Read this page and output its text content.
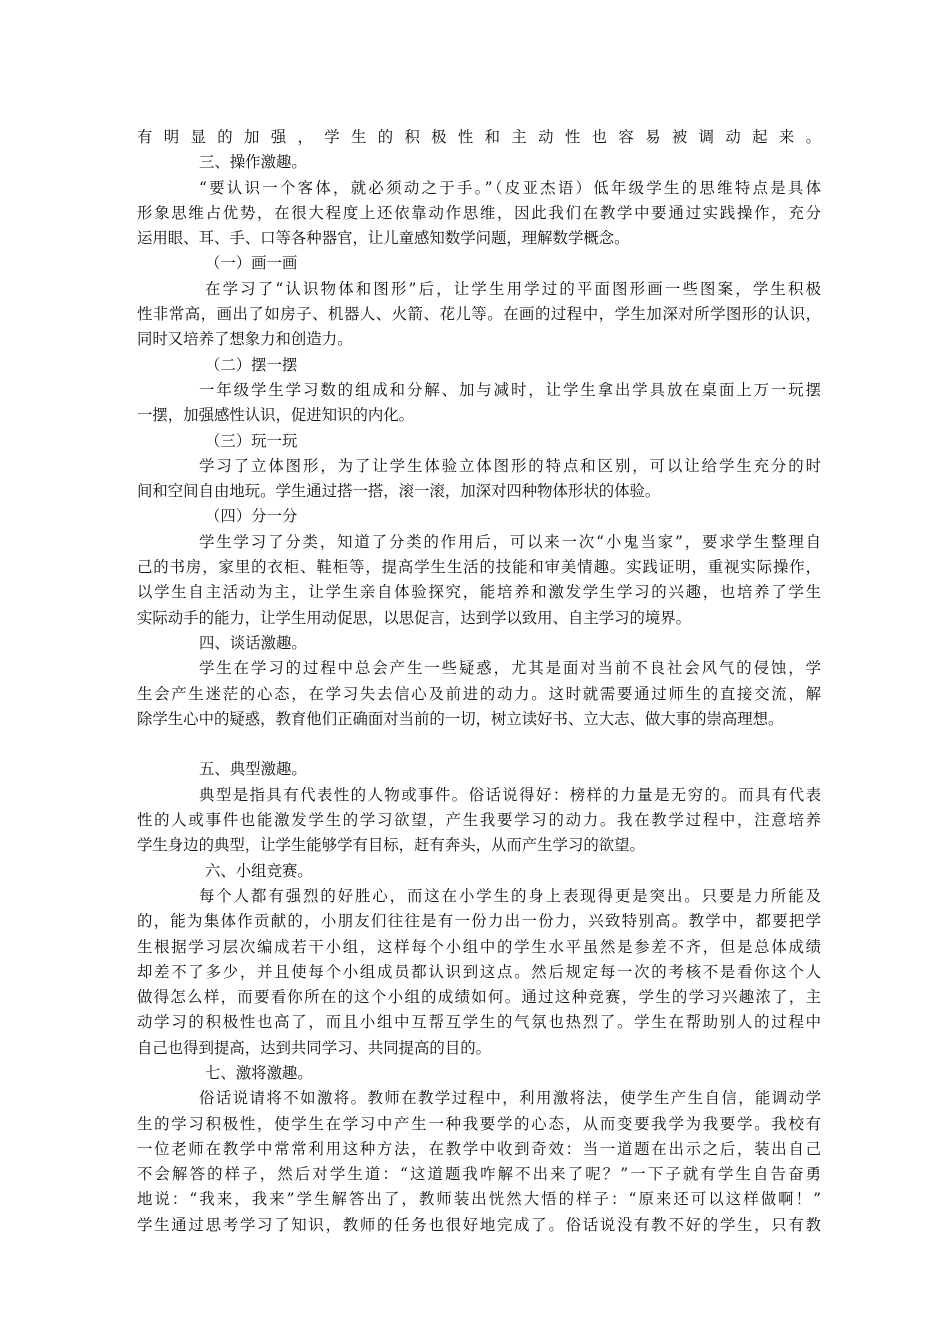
有明显的加强，学生的积极性和主动性也容易被调动起来。
三、操作激趣。
“要认识一个客体，就必须动之于手。”（皮亚杰语）低年级学生的思维特点是具体
形象思维占优势，在很大程度上还依靠动作思维，因此我们在教学中要通过实践操作，充分
运用眼、耳、手、口等各种器官，让儿童感知数学问题，理解数学概念。
（一）画一画
在学习了“认识物体和图形”后，让学生用学过的平面图形画一些图案，学生积极
性非常高，画出了如房子、机器人、火箭、花儿等。在画的过程中，学生加深对所学图形的认识，
同时又培养了想象力和创造力。
（二）摆一摆
一年级学生学习数的组成和分解、加与减时，让学生拿出学具放在桌面上万一玩摆
一摆，加强感性认识，促进知识的内化。
（三）玩一玩
学习了立体图形，为了让学生体验立体图形的特点和区别，可以让给学生充分的时
间和空间自由地玩。学生通过搭一搭，滚一滚，加深对四种物体形状的体验。
（四）分一分
学生学习了分类，知道了分类的作用后，可以来一次“小鬼当家”，要求学生整理自
己的书房，家里的衣柜、鞋柜等，提高学生生活的技能和审美情趣。实践证明，重视实际操作，
以学生自主活动为主，让学生亲自体验探究，能培养和激发学生学习的兴趣，也培养了学生
实际动手的能力，让学生用动促思，以思促言，达到学以致用、自主学习的境界。
四、谈话激趣。
学生在学习的过程中总会产生一些疑惑，尤其是面对当前不良社会风气的侵蚀，学
生会产生迷茫的心态，在学习失去信心及前进的动力。这时就需要通过师生的直接交流，解
除学生心中的疑惑，教育他们正确面对当前的一切，树立读好书、立大志、做大事的崇高理想。
五、典型激趣。
典型是指具有代表性的人物或事件。俗话说得好：榜样的力量是无穷的。而具有代表
性的人或事件也能激发学生的学习欲望，产生我要学习的动力。我在教学过程中，注意培养
学生身边的典型，让学生能够学有目标，赶有奔头，从而产生学习的欲望。
六、小组竞赛。
每个人都有强烈的好胜心，而这在小学生的身上表现得更是突出。只要是力所能及
的，能为集体作贡献的，小朋友们往往是有一份力出一份力，兴致特别高。教学中，都要把学
生根据学习层次编成若干小组，这样每个小组中的学生水平虽然是参差不齐，但是总体成绩
却差不了多少，并且使每个小组成员都认识到这点。然后规定每一次的考核不是看你这个人
做得怎么样，而要看你所在的这个小组的成绩如何。通过这种竞赛，学生的学习兴趣浓了，主
动学习的积极性也高了，而且小组中互帮互学生的气氛也热烈了。学生在帮助别人的过程中
自己也得到提高，达到共同学习、共同提高的目的。
七、激将激趣。
俗话说请将不如激将。教师在教学过程中，利用激将法，使学生产生自信，能调动学
生的学习积极性，使学生在学习中产生一种我要学的心态，从而变要我学为我要学。我校有
一位老师在教学中常常利用这种方法，在教学中收到奇效：当一道题在出示之后，装出自己
不会解答的样子，然后对学生道：“这道题我咋解不出来了呢？”一下子就有学生自告奋勇
地说：“我来，我来”学生解答出了，教师装出恍然大悟的样子：“原来还可以这样做啊！”
学生通过思考学习了知识，教师的任务也很好地完成了。俗话说没有教不好的学生，只有教
